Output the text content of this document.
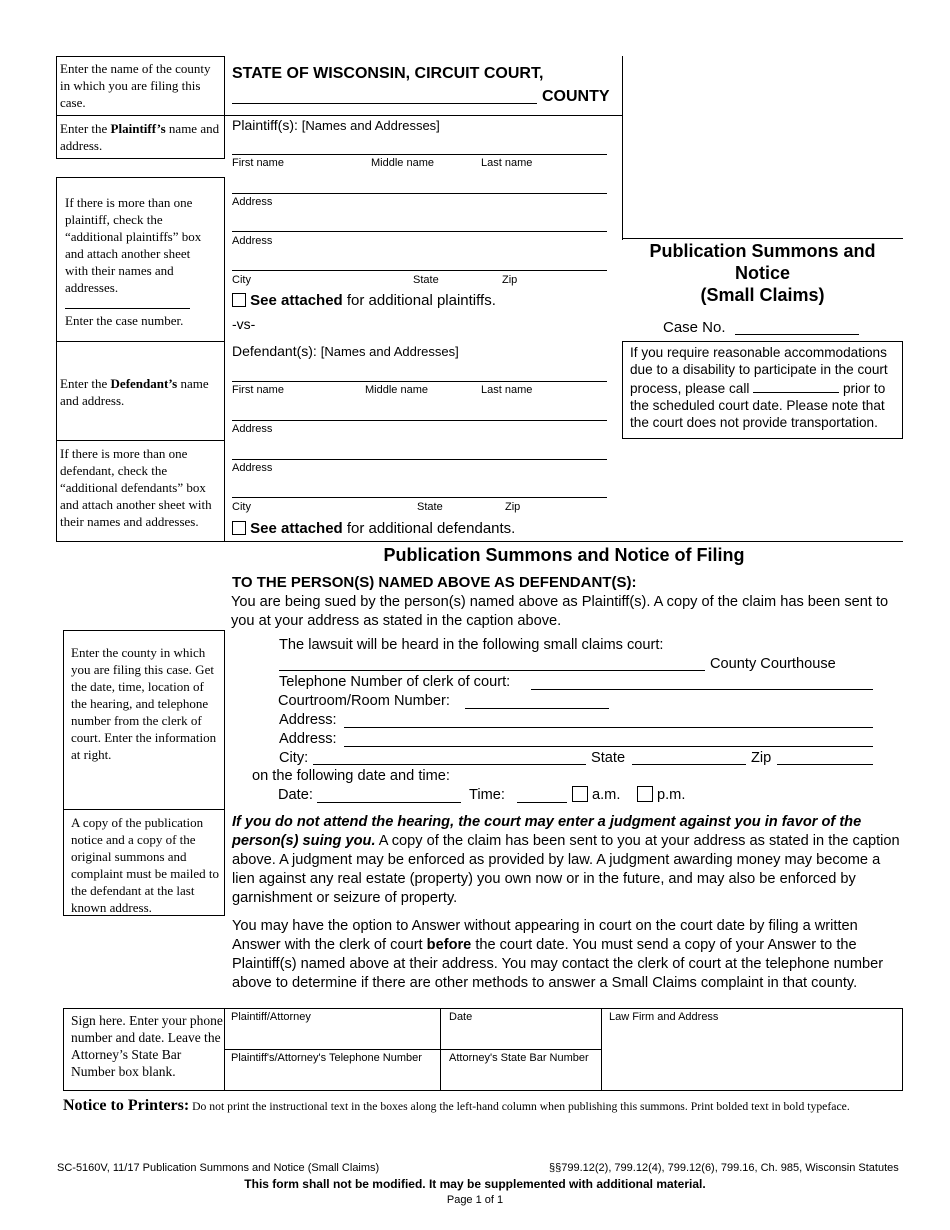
Enter the name of the county in which you are filing this case.
Enter the Plaintiff’s name and address.
If there is more than one plaintiff, check the “additional plaintiffs” box and attach another sheet with their names and addresses.
Enter the case number.
Enter the Defendant’s name and address.
If there is more than one defendant, check the “additional defendants” box and attach another sheet with their names and addresses.
STATE OF WISCONSIN, CIRCUIT COURT,
COUNTY
Plaintiff(s): [Names and Addresses]
First name	Middle name	Last name
Address
Address
City	State	Zip
See attached for additional plaintiffs.
-vs-
Defendant(s): [Names and Addresses]
First name	Middle name	Last name
Address
Address
City	State	Zip
See attached for additional defendants.
Publication Summons and
Notice
(Small Claims)
Case No.
If you require reasonable accommodations due to a disability to participate in the court process, please call	prior to the scheduled court date. Please note that the court does not provide transportation.
Publication Summons and Notice of Filing
TO THE PERSON(S) NAMED ABOVE AS DEFENDANT(S):
You are being sued by the person(s) named above as Plaintiff(s). A copy of the claim has been sent to you at your address as stated in the caption above.
Enter the county in which you are filing this case. Get the date, time, location of the hearing, and telephone number from the clerk of court. Enter the information at right.
A copy of the publication notice and a copy of the original summons and complaint must be mailed to the defendant at the last known address.
The lawsuit will be heard in the following small claims court:
County Courthouse
Telephone Number of clerk of court:
Courtroom/Room Number:
Address:
Address:
City:	State	Zip
on the following date and time:
Date:	Time:	a.m.	p.m.
If you do not attend the hearing, the court may enter a judgment against you in favor of the person(s) suing you. A copy of the claim has been sent to you at your address as stated in the caption above. A judgment may be enforced as provided by law. A judgment awarding money may become a lien against any real estate (property) you own now or in the future, and may also be enforced by garnishment or seizure of property.
You may have the option to Answer without appearing in court on the court date by filing a written Answer with the clerk of court before the court date. You must send a copy of your Answer to the Plaintiff(s) named above at their address. You may contact the clerk of court at the telephone number above to determine if there are other methods to answer a Small Claims complaint in that county.
Sign here. Enter your phone number and date. Leave the Attorney’s State Bar Number box blank.
Plaintiff/Attorney	Date	Law Firm and Address
Plaintiff's/Attorney's Telephone Number Attorney's State Bar Number
Notice to Printers: Do not print the instructional text in the boxes along the left-hand column when publishing this summons. Print bolded text in bold typeface.
SC-5160V, 11/17 Publication Summons and Notice (Small Claims)	§§799.12(2), 799.12(4), 799.12(6), 799.16, Ch. 985, Wisconsin Statutes
This form shall not be modified. It may be supplemented with additional material.
Page 1 of 1
